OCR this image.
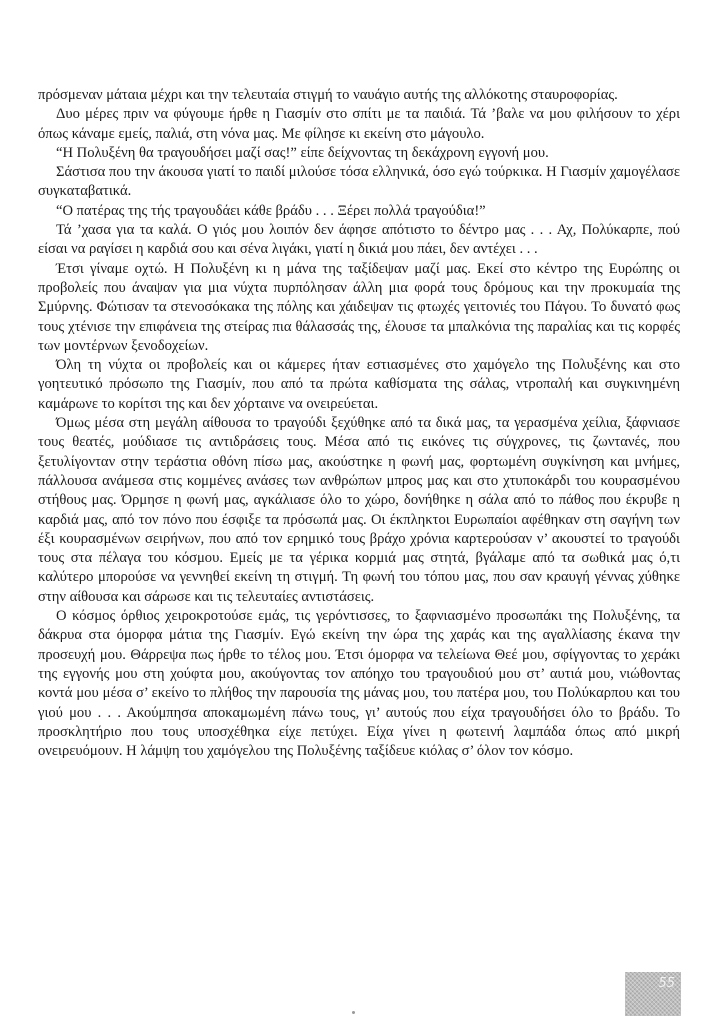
πρόσμεναν μάταια μέχρι και την τελευταία στιγμή το ναυάγιο αυτής της αλλόκοτης σταυροφορίας.

Δυο μέρες πριν να φύγουμε ήρθε η Γιασμίν στο σπίτι με τα παιδιά. Τά ’βαλε να μου φιλήσουν το χέρι όπως κάναμε εμείς, παλιά, στη νόνα μας. Με φίλησε κι εκείνη στο μάγουλο.

“Η Πολυξένη θα τραγουδήσει μαζί σας!” είπε δείχνοντας τη δεκάχρονη εγγονή μου.

Σάστισα που την άκουσα γιατί το παιδί μιλούσε τόσα ελληνικά, όσο εγώ τούρκικα. Η Γιασμίν χαμογέλασε συγκαταβατικά.

“Ο πατέρας της τής τραγουδάει κάθε βράδυ . . . Ξέρει πολλά τραγούδια!”

Τά ’χασα για τα καλά. Ο γιός μου λοιπόν δεν άφησε απότιστο το δέντρο μας . . . Αχ, Πολύκαρπε, πού είσαι να ραγίσει η καρδιά σου και σένα λιγάκι, γιατί η δικιά μου πάει, δεν αντέχει . . .

Έτσι γίναμε οχτώ. Η Πολυξένη κι η μάνα της ταξίδεψαν μαζί μας. Εκεί στο κέντρο της Ευρώπης οι προβολείς που άναψαν για μια νύχτα πυρπόλησαν άλλη μια φορά τους δρόμους και την προκυμαία της Σμύρνης. Φώτισαν τα στενοσόκακα της πόλης και χάιδεψαν τις φτωχές γειτονιές του Πάγου. Το δυνατό φως τους χτένισε την επιφάνεια της στείρας πια θάλασσάς της, έλουσε τα μπαλκόνια της παραλίας και τις κορφές των μοντέρνων ξενοδοχείων.

Όλη τη νύχτα οι προβολείς και οι κάμερες ήταν εστιασμένες στο χαμόγελο της Πολυξένης και στο γοητευτικό πρόσωπο της Γιασμίν, που από τα πρώτα καθίσματα της σάλας, ντροπαλή και συγκινημένη καμάρωνε το κορίτσι της και δεν χόρταινε να ονειρεύεται.

Όμως μέσα στη μεγάλη αίθουσα το τραγούδι ξεχύθηκε από τα δικά μας, τα γερασμένα χείλια, ξάφνιασε τους θεατές, μούδιασε τις αντιδράσεις τους. Μέσα από τις εικόνες τις σύγχρονες, τις ζωντανές, που ξετυλίγονταν στην τεράστια οθόνη πίσω μας, ακούστηκε η φωνή μας, φορτωμένη συγκίνηση και μνήμες, πάλλουσα ανάμεσα στις κομμένες ανάσες των ανθρώπων μπρος μας και στο χτυποκάρδι του κουρασμένου στήθους μας. Όρμησε η φωνή μας, αγκάλιασε όλο το χώρο, δονήθηκε η σάλα από το πάθος που έκρυβε η καρδιά μας, από τον πόνο που έσφιξε τα πρόσωπά μας. Οι έκπληκτοι Ευρωπαίοι αφέθηκαν στη σαγήνη των έξι κουρασμένων σειρήνων, που από τον ερημικό τους βράχο χρόνια καρτερούσαν ν’ ακουστεί το τραγούδι τους στα πέλαγα του κόσμου. Εμείς με τα γέρικα κορμιά μας στητά, βγάλαμε από τα σωθικά μας ό,τι καλύτερο μπορούσε να γεννηθεί εκείνη τη στιγμή. Τη φωνή του τόπου μας, που σαν κραυγή γέννας χύθηκε στην αίθουσα και σάρωσε και τις τελευταίες αντιστάσεις.

Ο κόσμος όρθιος χειροκροτούσε εμάς, τις γερόντισσες, το ξαφνιασμένο προσωπάκι της Πολυξένης, τα δάκρυα στα όμορφα μάτια της Γιασμίν. Εγώ εκείνη την ώρα της χαράς και της αγαλλίασης έκανα την προσευχή μου. Θάρρεψα πως ήρθε το τέλος μου. Έτσι όμορφα να τελείωνα Θεέ μου, σφίγγοντας το χεράκι της εγγονής μου στη χούφτα μου, ακούγοντας τον απόηχο του τραγουδιού μου στ’ αυτιά μου, νιώθοντας κοντά μου μέσα σ’ εκείνο το πλήθος την παρουσία της μάνας μου, του πατέρα μου, του Πολύκαρπου και του γιού μου . . . Ακούμπησα αποκαμωμένη πάνω τους, γι’ αυτούς που είχα τραγουδήσει όλο το βράδυ. Το προσκλητήριο που τους υποσχέθηκα είχε πετύχει. Είχα γίνει η φωτεινή λαμπάδα όπως από μικρή ονειρευόμουν. Η λάμψη του χαμόγελου της Πολυξένης ταξίδευε κιόλας σ’ όλον τον κόσμο.

55
